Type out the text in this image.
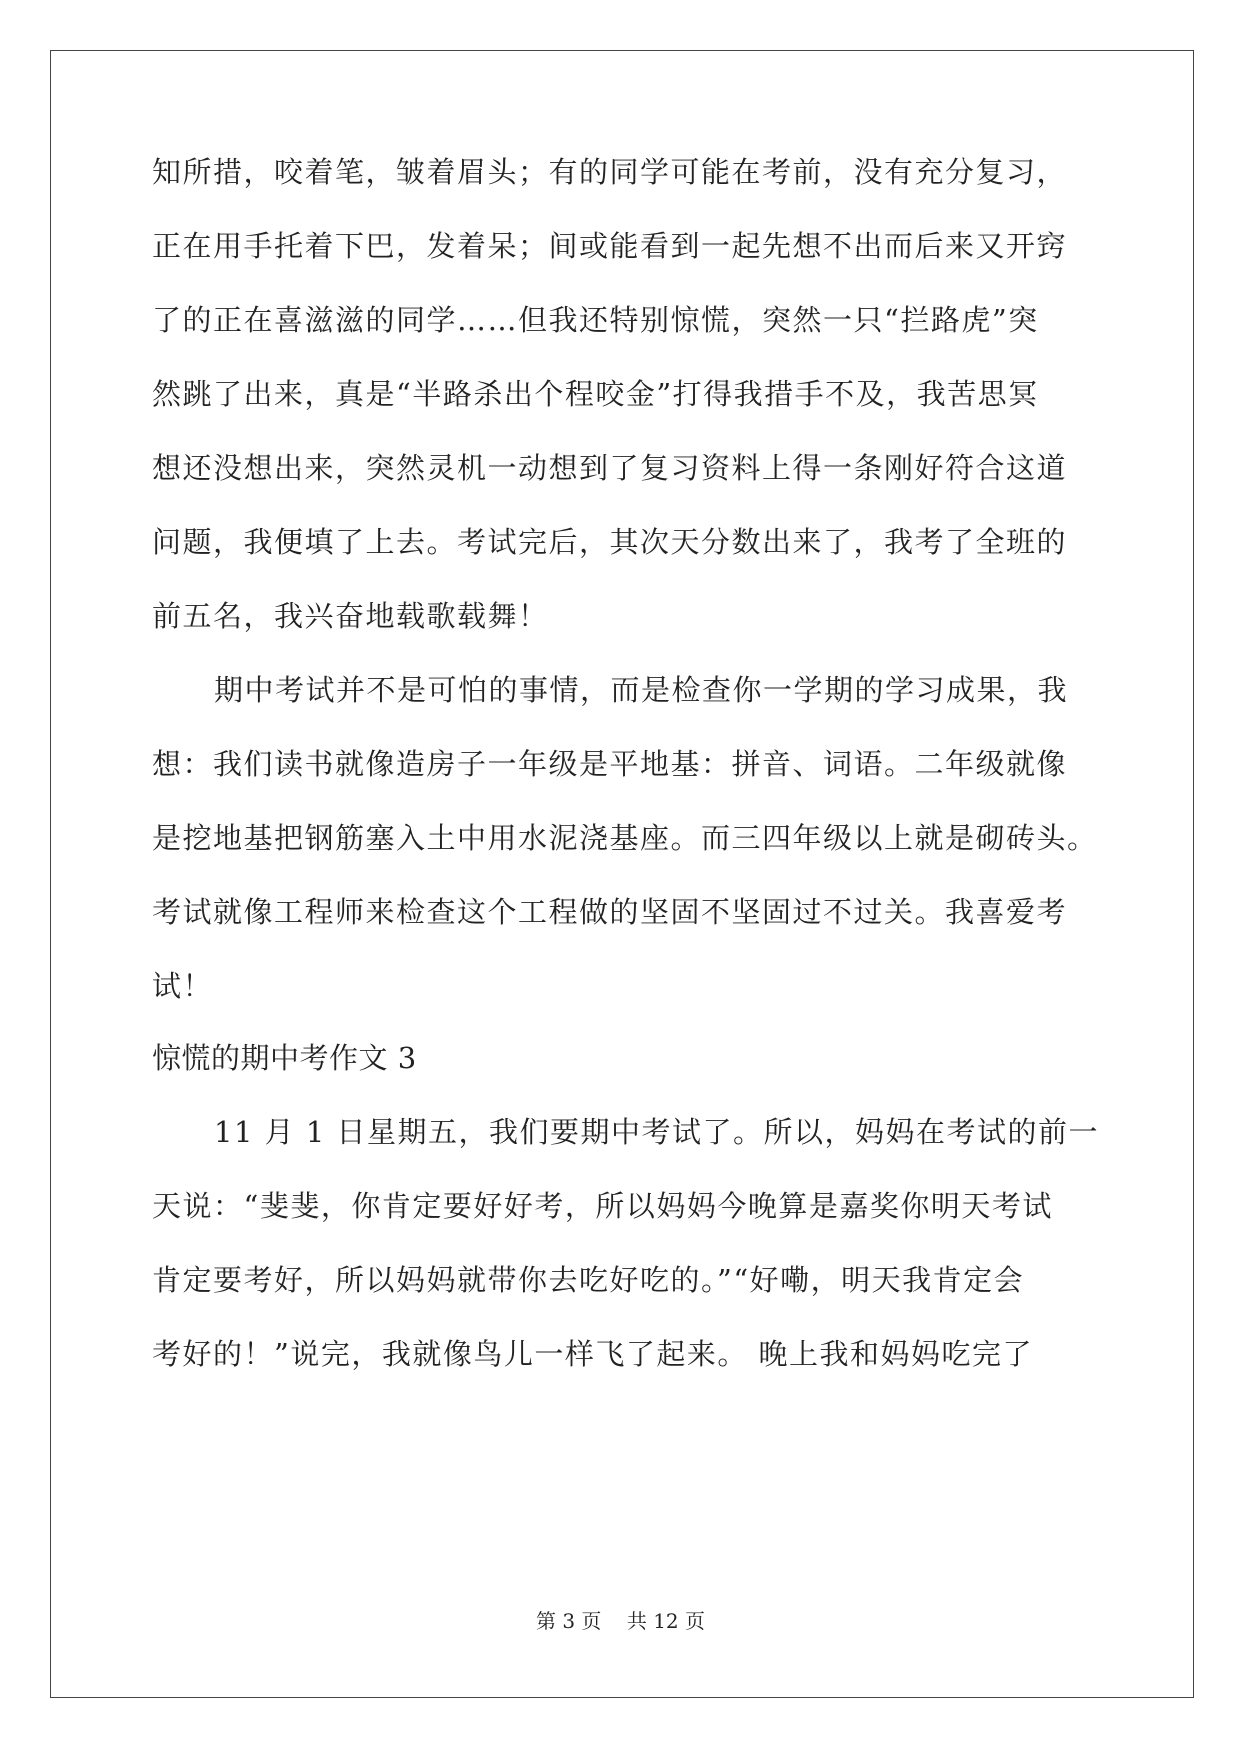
知所措，咬着笔，皱着眉头；有的同学可能在考前，没有充分复习，
正在用手托着下巴，发着呆；间或能看到一起先想不出而后来又开窍
了的正在喜滋滋的同学……但我还特别惊慌，突然一只“拦路虎”突
然跳了出来，真是“半路杀出个程咬金”打得我措手不及，我苦思冥
想还没想出来，突然灵机一动想到了复习资料上得一条刚好符合这道
问题，我便填了上去。考试完后，其次天分数出来了，我考了全班的
前五名，我兴奋地载歌载舞！
期中考试并不是可怕的事情，而是检查你一学期的学习成果，我
想：我们读书就像造房子一年级是平地基：拼音、词语。二年级就像
是挖地基把钢筋塞入土中用水泥浇基座。而三四年级以上就是砌砖头。
考试就像工程师来检查这个工程做的坚固不坚固过不过关。我喜爱考
试！
惊慌的期中考作文 3
11 月 1 日星期五，我们要期中考试了。所以，妈妈在考试的前一
天说：“斐斐，你肯定要好好考，所以妈妈今晚算是嘉奖你明天考试
肯定要考好，所以妈妈就带你去吃好吃的。”“好嘞，明天我肯定会
考好的！”说完，我就像鸟儿一样飞了起来。 晚上我和妈妈吃完了
第 3 页    共 12 页
